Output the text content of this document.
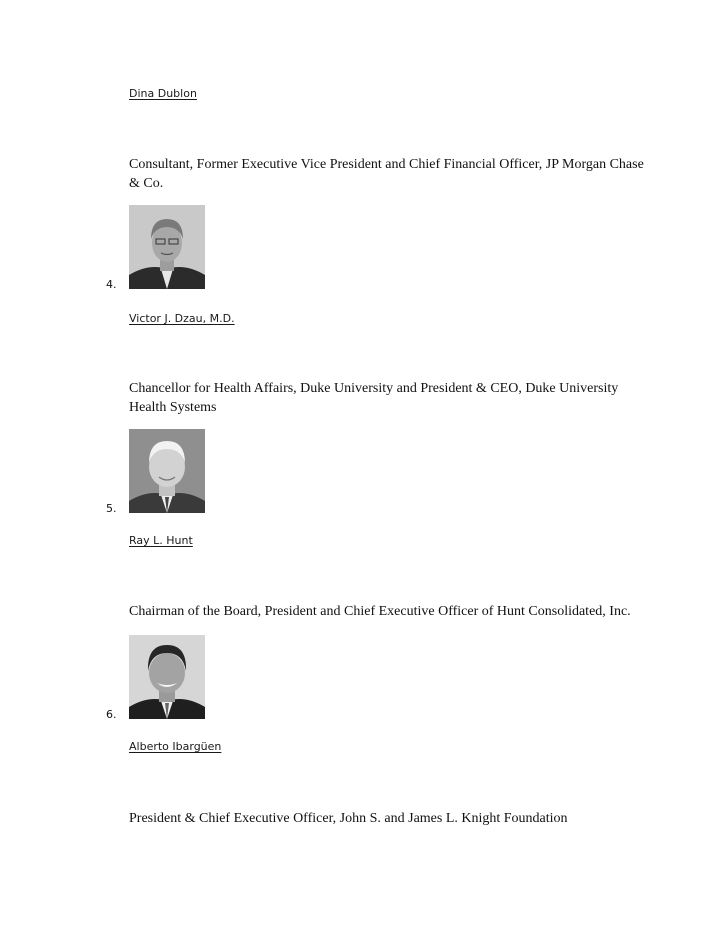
Dina Dublon
Consultant, Former Executive Vice President and Chief Financial Officer, JP Morgan Chase & Co.
4.
Victor J. Dzau, M.D.
Chancellor for Health Affairs, Duke University and President & CEO, Duke University Health Systems
5.
Ray L. Hunt
Chairman of the Board, President and Chief Executive Officer of Hunt Consolidated, Inc.
6.
Alberto Ibargüen
President & Chief Executive Officer, John S. and James L. Knight Foundation
